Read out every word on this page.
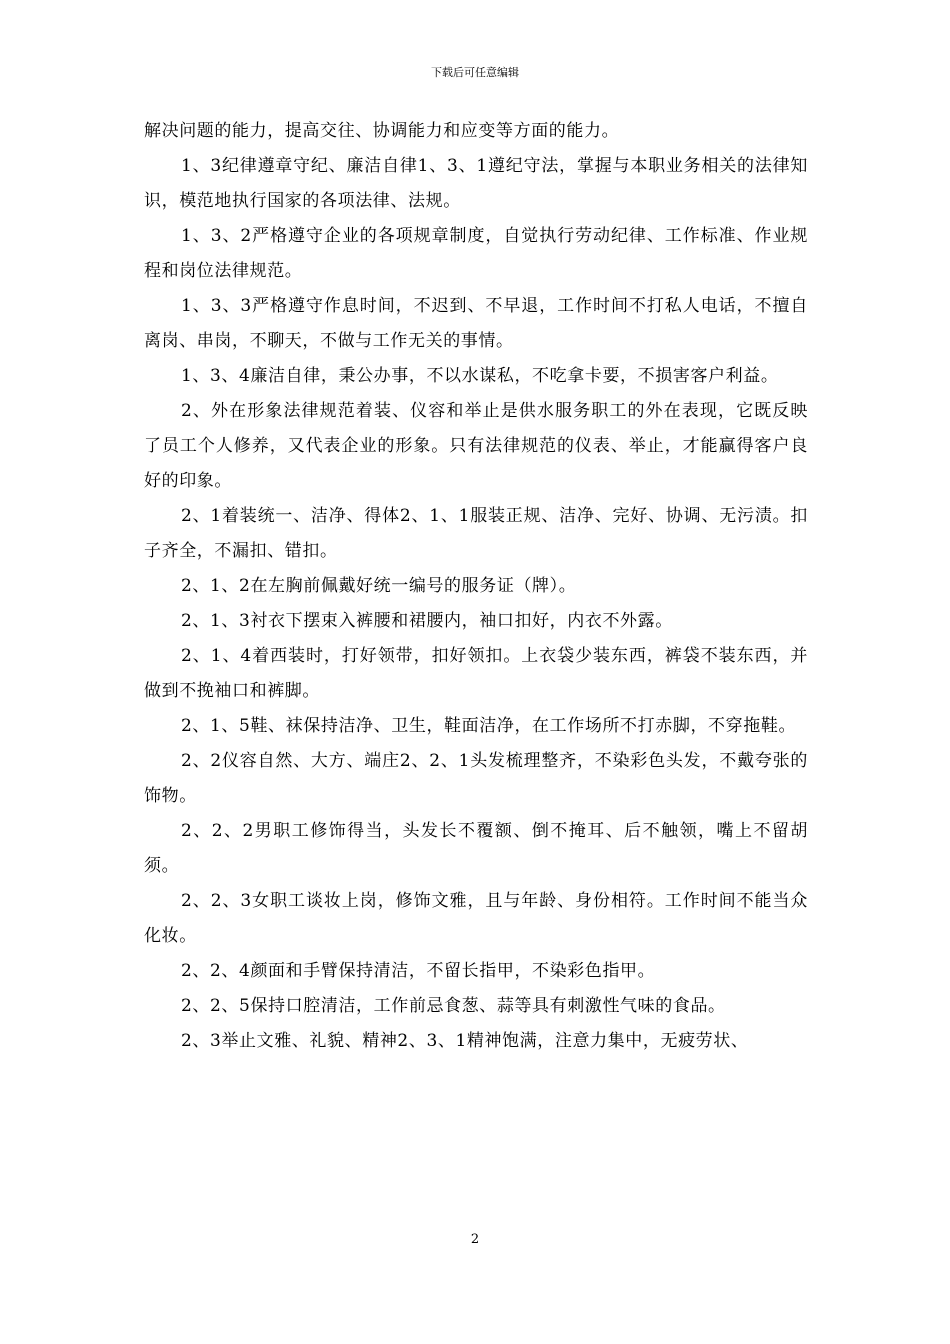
下载后可任意编辑

解决问题的能力，提高交往、协调能力和应变等方面的能力。

1、3纪律遵章守纪、廉洁自律1、3、1遵纪守法，掌握与本职业务相关的法律知识，模范地执行国家的各项法律、法规。

1、3、2严格遵守企业的各项规章制度，自觉执行劳动纪律、工作标准、作业规程和岗位法律规范。

1、3、3严格遵守作息时间，不迟到、不早退，工作时间不打私人电话，不擅自离岗、串岗，不聊天，不做与工作无关的事情。

1、3、4廉洁自律，秉公办事，不以水谋私，不吃拿卡要，不损害客户利益。

2、外在形象法律规范着装、仪容和举止是供水服务职工的外在表现，它既反映了员工个人修养，又代表企业的形象。只有法律规范的仪表、举止，才能赢得客户良好的印象。

2、1着装统一、洁净、得体2、1、1服装正规、洁净、完好、协调、无污渍。扣子齐全，不漏扣、错扣。

2、1、2在左胸前佩戴好统一编号的服务证（牌）。

2、1、3衬衣下摆束入裤腰和裙腰内，袖口扣好，内衣不外露。

2、1、4着西装时，打好领带，扣好领扣。上衣袋少装东西，裤袋不装东西，并做到不挽袖口和裤脚。

2、1、5鞋、袜保持洁净、卫生，鞋面洁净，在工作场所不打赤脚，不穿拖鞋。

2、2仪容自然、大方、端庄2、2、1头发梳理整齐，不染彩色头发，不戴夸张的饰物。

2、2、2男职工修饰得当，头发长不覆额、倒不掩耳、后不触领，嘴上不留胡须。

2、2、3女职工谈妆上岗，修饰文雅，且与年龄、身份相符。工作时间不能当众化妆。

2、2、4颜面和手臂保持清洁，不留长指甲，不染彩色指甲。

2、2、5保持口腔清洁，工作前忌食葱、蒜等具有刺激性气味的食品。

2、3举止文雅、礼貌、精神2、3、1精神饱满，注意力集中，无疲劳状、

2
